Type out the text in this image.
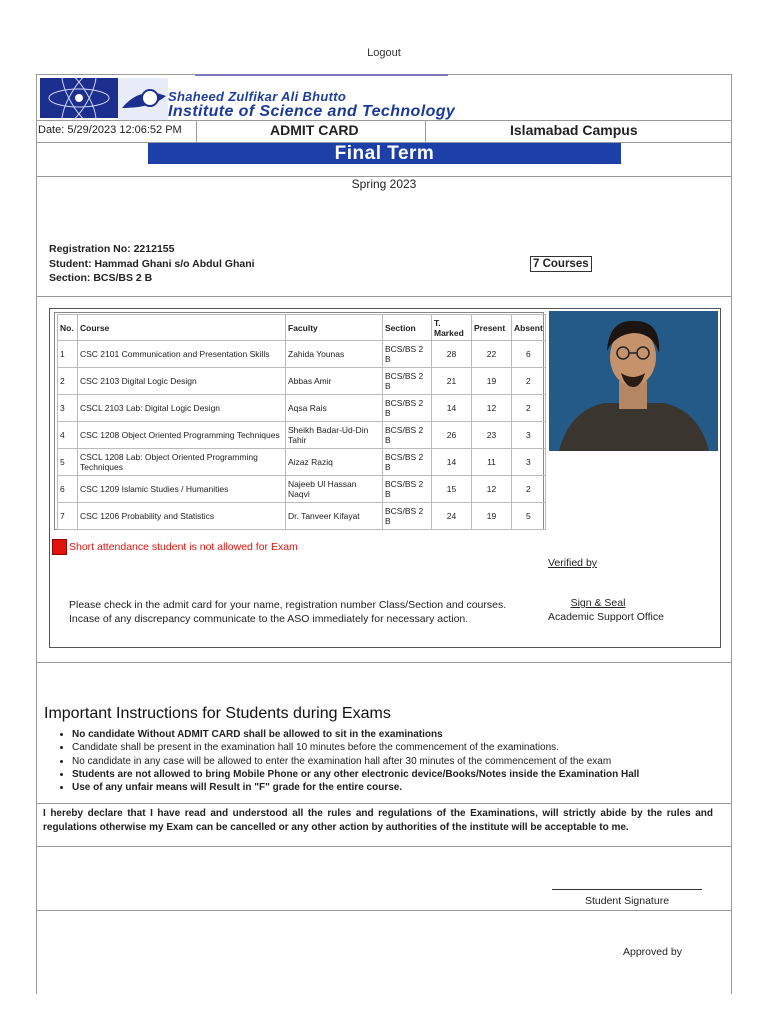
Logout
Shaheed Zulfikar Ali Bhutto
Institute of Science and Technology
Date: 5/29/2023 12:06:52 PM	ADMIT CARD	Islamabad Campus
Final Term
Spring 2023
Registration No: 2212155
Student: Hammad Ghani s/o Abdul Ghani
Section: BCS/BS 2 B
7 Courses
No.	Course	Faculty	Section	T. Marked	Present	Absent
1	CSC 2101 Communication and Presentation Skills	Zahida Younas	BCS/BS 2 B	28	22	6
2	CSC 2103 Digital Logic Design	Abbas Amir	BCS/BS 2 B	21	19	2
3	CSCL 2103 Lab: Digital Logic Design	Aqsa Rais	BCS/BS 2 B	14	12	2
4	CSC 1208 Object Oriented Programming Techniques	Sheikh Badar-Ud-Din Tahir	BCS/BS 2 B	26	23	3
5	CSCL 1208 Lab: Object Oriented Programming Techniques	Aizaz Raziq	BCS/BS 2 B	14	11	3
6	CSC 1209 Islamic Studies / Humanities	Najeeb Ul Hassan Naqvi	BCS/BS 2 B	15	12	2
7	CSC 1206 Probability and Statistics	Dr. Tanveer Kifayat	BCS/BS 2 B	24	19	5
Short attendance student is not allowed for Exam
Verified by
Please check in the admit card for your name, registration number Class/Section and courses.
Incase of any discrepancy communicate to the ASO immediately for necessary action.
Sign & Seal
Academic Support Office
Important Instructions for Students during Exams
• No candidate Without ADMIT CARD shall be allowed to sit in the examinations
• Candidate shall be present in the examination hall 10 minutes before the commencement of the examinations.
• No candidate in any case will be allowed to enter the examination hall after 30 minutes of the commencement of the exam
• Students are not allowed to bring Mobile Phone or any other electronic device/Books/Notes inside the Examination Hall
• Use of any unfair means will Result in "F" grade for the entire course.
I hereby declare that I have read and understood all the rules and regulations of the Examinations, will strictly abide by the rules and regulations otherwise my Exam can be cancelled or any other action by authorities of the institute will be acceptable to me.
Student Signature
Approved by
